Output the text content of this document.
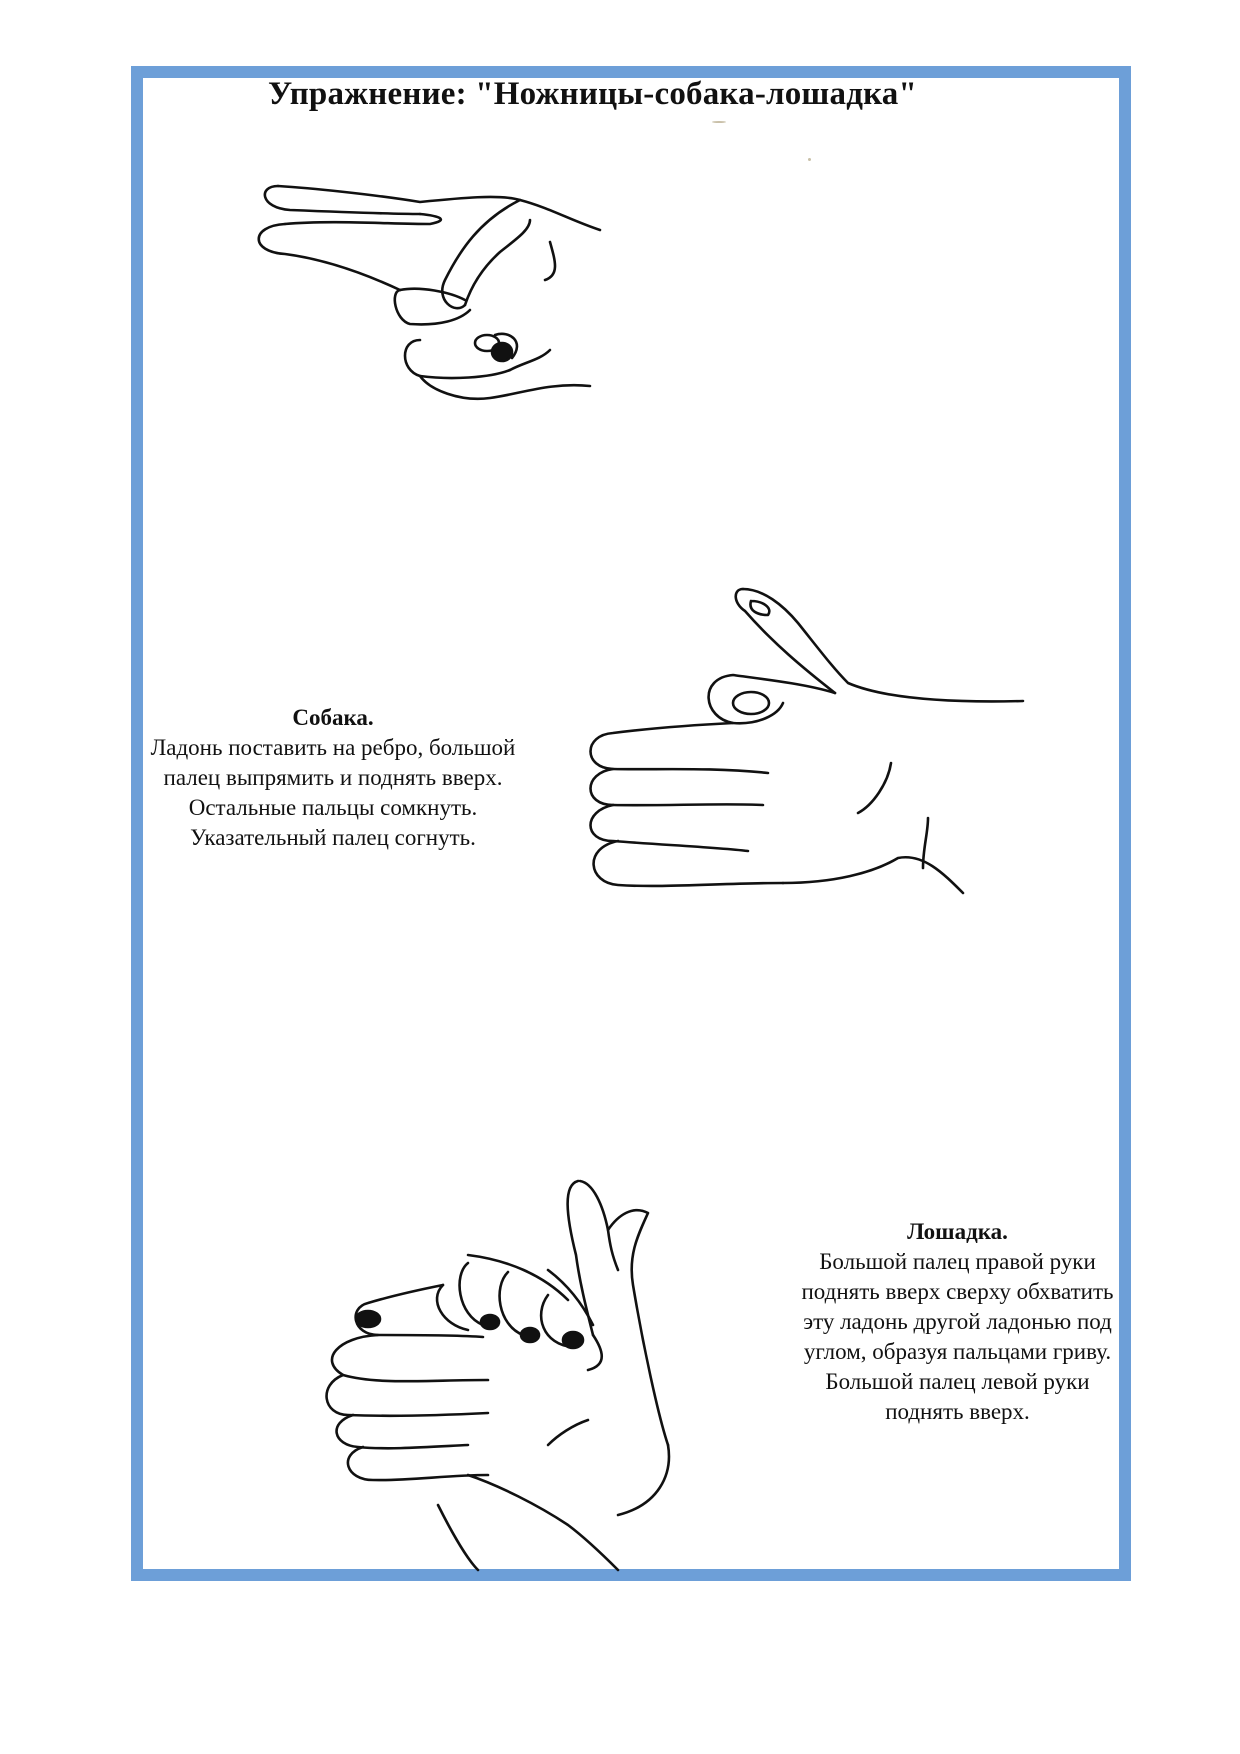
Упражнение: "Ножницы-собака-лошадка"
Собака.
Ладонь поставить на ребро, большой
палец выпрямить и поднять вверх.
Остальные пальцы сомкнуть.
Указательный палец согнуть.
Лошадка.
Большой палец правой руки
поднять вверх сверху обхватить
эту ладонь другой ладонью под
углом, образуя пальцами гриву.
Большой палец левой руки
поднять вверх.
